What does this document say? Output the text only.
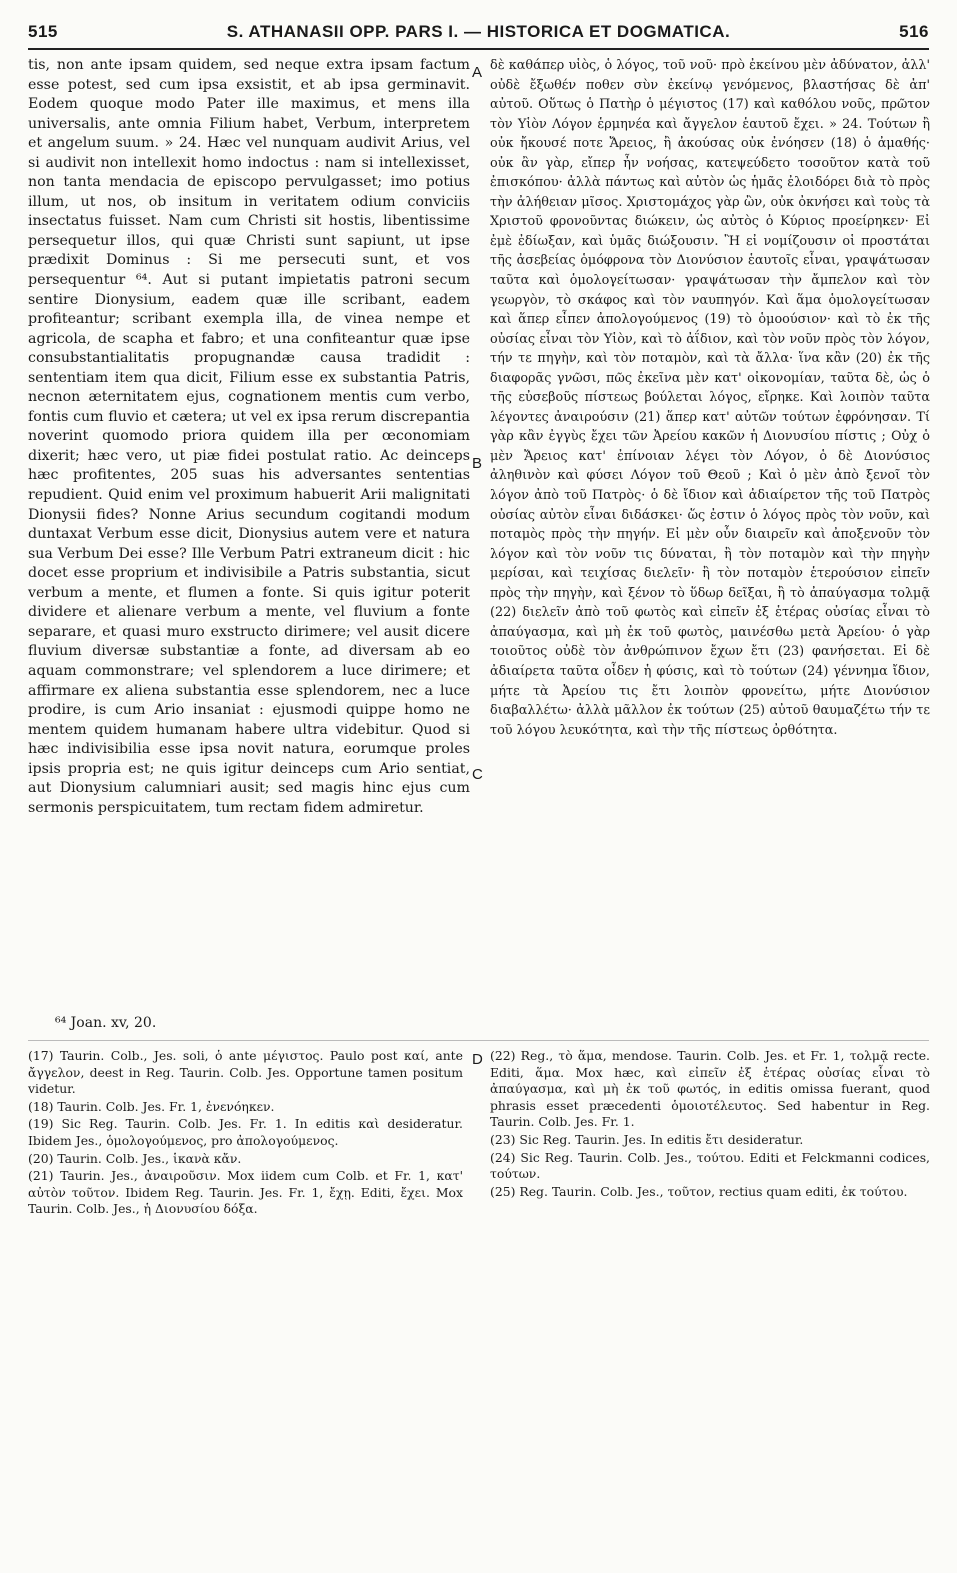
515	S. ATHANASII OPP. PARS I. — HISTORICA ET DOGMATICA.	516

tis, non ante ipsam quidem, sed neque extra ipsam factum esse potest, sed cum ipsa exsistit, et ab ipsa germinavit. Eodem quoque modo Pater ille maximus, et mens illa universalis, ante omnia Filium habet, Verbum, interpretem et angelum suum. » 24. Hæc vel nunquam audivit Arius, vel si audivit non intellexit homo indoctus : nam si intellexisset, non tanta mendacia de episcopo pervulgasset; imo potius illum, ut nos, ob insitum in veritatem odium conviciis insectatus fuisset. Nam cum Christi sit hostis, libentissime persequetur illos, qui quæ Christi sunt sapiunt, ut ipse prædixit Dominus : Si me persecuti sunt, et vos persequentur ⁶⁴. Aut si putant impietatis patroni secum sentire Dionysium, eadem quæ ille scribant, eadem profiteantur; scribant exempla illa, de vinea nempe et agricola, de scapha et fabro; et una confiteantur quæ ipse consubstantialitatis propugnandæ causa tradidit : sententiam item qua dicit, Filium esse ex substantia Patris, necnon æternitatem ejus, cognationem mentis cum verbo, fontis cum fluvio et cætera; ut vel ex ipsa rerum discrepantia noverint quomodo priora quidem illa per œconomiam dixerit; hæc vero, ut piæ fidei postulat ratio. Ac deinceps hæc profitentes, 205 suas his adversantes sententias repudient. Quid enim vel proximum habuerit Arii malignitati Dionysii fides? Nonne Arius secundum cogitandi modum duntaxat Verbum esse dicit, Dionysius autem vere et natura sua Verbum Dei esse? Ille Verbum Patri extraneum dicit : hic docet esse proprium et indivisibile a Patris substantia, sicut verbum a mente, et flumen a fonte. Si quis igitur poterit dividere et alienare verbum a mente, vel fluvium a fonte separare, et quasi muro exstructo dirimere; vel ausit dicere fluvium diversæ substantiæ a fonte, ad diversam ab eo aquam commonstrare; vel splendorem a luce dirimere; et affirmare ex aliena substantia esse splendorem, nec a luce prodire, is cum Ario insaniat : ejusmodi quippe homo ne mentem quidem humanam habere ultra videbitur. Quod si hæc indivisibilia esse ipsa novit natura, eorumque proles ipsis propria est; ne quis igitur deinceps cum Ario sentiat, aut Dionysium calumniari ausit; sed magis hinc ejus cum sermonis perspicuitatem, tum rectam fidem admiretur.

A
B
C
D

δὲ καθάπερ υἱὸς, ὁ λόγος, τοῦ νοῦ· πρὸ ἐκείνου μὲν ἀδύνατον, ἀλλ' οὐδὲ ἔξωθέν ποθεν σὺν ἐκείνῳ γενόμενος, βλαστήσας δὲ ἀπ' αὐτοῦ. Οὕτως ὁ Πατὴρ ὁ μέγιστος (17) καὶ καθόλου νοῦς, πρῶτον τὸν Υἱὸν Λόγον ἑρμηνέα καὶ ἄγγελον ἑαυτοῦ ἔχει. » 24. Τούτων ἢ οὐκ ἤκουσέ ποτε Ἄρειος, ἢ ἀκούσας οὐκ ἐνόησεν (18) ὁ ἀμαθής· οὐκ ἂν γὰρ, εἴπερ ἦν νοήσας, κατεψεύδετο τοσοῦτον κατὰ τοῦ ἐπισκόπου· ἀλλὰ πάντως καὶ αὐτὸν ὡς ἡμᾶς ἐλοιδόρει διὰ τὸ πρὸς τὴν ἀλήθειαν μῖσος. Χριστομάχος γὰρ ὢν, οὐκ ὀκνήσει καὶ τοὺς τὰ Χριστοῦ φρονοῦντας διώκειν, ὡς αὐτὸς ὁ Κύριος προείρηκεν· Εἰ ἐμὲ ἐδίωξαν, καὶ ὑμᾶς διώξουσιν. Ἢ εἰ νομίζουσιν οἱ προστάται τῆς ἀσεβείας ὁμόφρονα τὸν Διονύσιον ἑαυτοῖς εἶναι, γραψάτωσαν ταῦτα καὶ ὁμολογείτωσαν· γραψάτωσαν τὴν ἄμπελον καὶ τὸν γεωργὸν, τὸ σκάφος καὶ τὸν ναυπηγόν. Καὶ ἅμα ὁμολογείτωσαν καὶ ἅπερ εἶπεν ἀπολογούμενος (19) τὸ ὁμοούσιον· καὶ τὸ ἐκ τῆς οὐσίας εἶναι τὸν Υἱὸν, καὶ τὸ ἀΐδιον, καὶ τὸν νοῦν πρὸς τὸν λόγον, τήν τε πηγὴν, καὶ τὸν ποταμὸν, καὶ τὰ ἄλλα· ἵνα κἂν (20) ἐκ τῆς διαφορᾶς γνῶσι, πῶς ἐκεῖνα μὲν κατ' οἰκονομίαν, ταῦτα δὲ, ὡς ὁ τῆς εὐσεβοῦς πίστεως βούλεται λόγος, εἴρηκε. Καὶ λοιπὸν ταῦτα λέγοντες ἀναιρούσιν (21) ἅπερ κατ' αὐτῶν τούτων ἐφρόνησαν. Τί γὰρ κἂν ἐγγὺς ἔχει τῶν Ἀρείου κακῶν ἡ Διονυσίου πίστις ; Οὐχ ὁ μὲν Ἄρειος κατ' ἐπίνοιαν λέγει τὸν Λόγον, ὁ δὲ Διονύσιος ἀληθινὸν καὶ φύσει Λόγον τοῦ Θεοῦ ; Καὶ ὁ μὲν ἀπὸ ξενοῖ τὸν λόγον ἀπὸ τοῦ Πατρὸς· ὁ δὲ ἴδιον καὶ ἀδιαίρετον τῆς τοῦ Πατρὸς οὐσίας αὐτὸν εἶναι διδάσκει· ὥς ἐστιν ὁ λόγος πρὸς τὸν νοῦν, καὶ ποταμὸς πρὸς τὴν πηγήν. Εἰ μὲν οὖν διαιρεῖν καὶ ἀποξενοῦν τὸν λόγον καὶ τὸν νοῦν τις δύναται, ἢ τὸν ποταμὸν καὶ τὴν πηγὴν μερίσαι, καὶ τειχίσας διελεῖν· ἢ τὸν ποταμὸν ἑτερούσιον εἰπεῖν πρὸς τὴν πηγὴν, καὶ ξένον τὸ ὕδωρ δεῖξαι, ἢ τὸ ἀπαύγασμα τολμᾷ (22) διελεῖν ἀπὸ τοῦ φωτὸς καὶ εἰπεῖν ἐξ ἑτέρας οὐσίας εἶναι τὸ ἀπαύγασμα, καὶ μὴ ἐκ τοῦ φωτὸς, μαινέσθω μετὰ Ἀρείου· ὁ γὰρ τοιοῦτος οὐδὲ τὸν ἀνθρώπινον ἔχων ἔτι (23) φανήσεται. Εἰ δὲ ἀδιαίρετα ταῦτα οἶδεν ἡ φύσις, καὶ τὸ τούτων (24) γέννημα ἴδιον, μήτε τὰ Ἀρείου τις ἔτι λοιπὸν φρονείτω, μήτε Διονύσιον διαβαλλέτω· ἀλλὰ μᾶλλον ἐκ τούτων (25) αὐτοῦ θαυμαζέτω τήν τε τοῦ λόγου λευκότητα, καὶ τὴν τῆς πίστεως ὀρθότητα.

⁶⁴ Joan. xv, 20.

(17) Taurin. Colb., Jes. soli, ὁ ante μέγιστος. Paulo post καί, ante ἄγγελον, deest in Reg. Taurin. Colb. Jes. Opportune tamen positum videtur.

(18) Taurin. Colb. Jes. Fr. 1, ἐνενόηκεν.

(19) Sic Reg. Taurin. Colb. Jes. Fr. 1. In editis καὶ desideratur. Ibidem Jes., ὁμολογούμενος, pro ἀπολογούμενος.

(20) Taurin. Colb. Jes., ἱκανὰ κἄν.

(21) Taurin. Jes., ἀναιροῦσιν. Mox iidem cum Colb. et Fr. 1, κατ' αὐτὸν τοῦτον. Ibidem Reg. Taurin. Jes. Fr. 1, ἔχῃ. Editi, ἔχει. Mox Taurin. Colb. Jes., ἡ Διονυσίου δόξα.

(22) Reg., τὸ ἅμα, mendose. Taurin. Colb. Jes. et Fr. 1, τολμᾷ recte. Editi, ἅμα. Mox hæc, καὶ εἰπεῖν ἐξ ἑτέρας οὐσίας εἶναι τὸ ἀπαύγασμα, καὶ μὴ ἐκ τοῦ φωτός, in editis omissa fuerant, quod phrasis esset præcedenti ὁμοιοτέλευτος. Sed habentur in Reg. Taurin. Colb. Jes. Fr. 1.

(23) Sic Reg. Taurin. Jes. In editis ἔτι desideratur.

(24) Sic Reg. Taurin. Colb. Jes., τούτου. Editi et Felckmanni codices, τούτων.

(25) Reg. Taurin. Colb. Jes., τοῦτον, rectius quam editi, ἐκ τούτου.
